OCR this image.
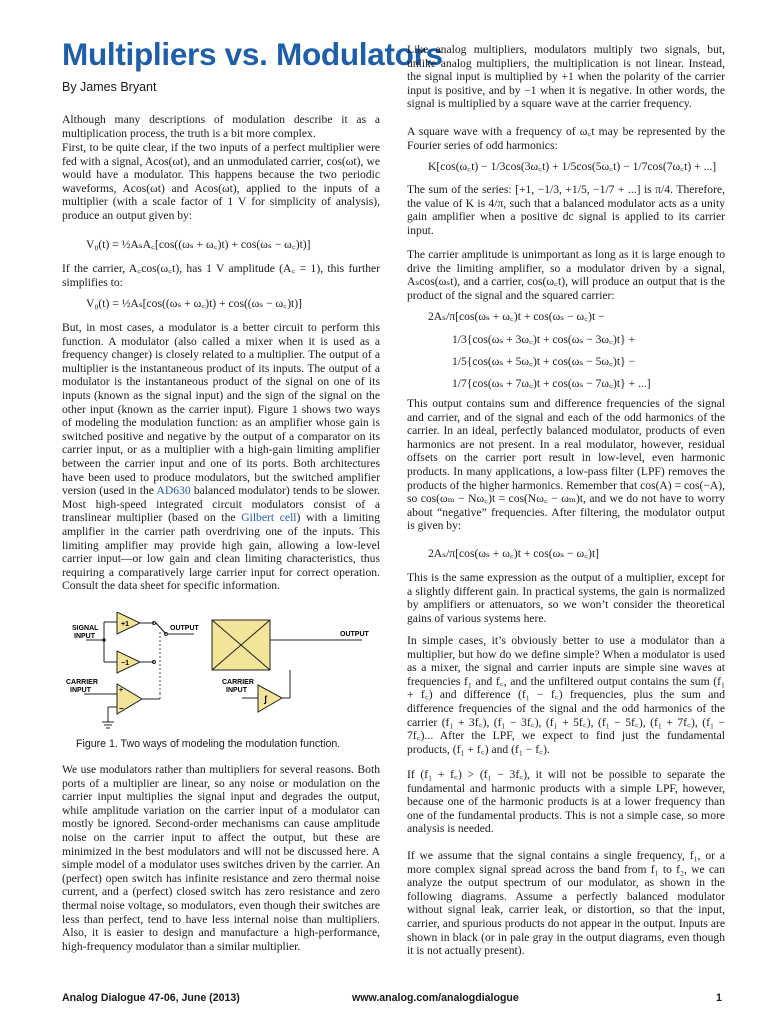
Multipliers vs. Modulators
By James Bryant

Although many descriptions of modulation describe it as a multiplication process, the truth is a bit more complex.

First, to be quite clear, if the two inputs of a perfect multiplier were fed with a signal, Acos(ωt), and an unmodulated carrier, cos(ωt), we would have a modulator. This happens because the two periodic waveforms, Acos(ωt) and Acos(ωt), applied to the inputs of a multiplier (with a scale factor of 1 V for simplicity of analysis), produce an output given by:

V₀(t) = ½AₛA꜀[cos((ωₛ + ω꜀)t) + cos(ωₛ − ω꜀)t)]

If the carrier, A꜀cos(ω꜀t), has 1 V amplitude (A꜀ = 1), this further simplifies to:

V₀(t) = ½Aₛ[cos((ωₛ + ω꜀)t) + cos((ωₛ − ω꜀)t)]

But, in most cases, a modulator is a better circuit to perform this function. A modulator (also called a mixer when it is used as a frequency changer) is closely related to a multiplier. The output of a multiplier is the instantaneous product of its inputs. The output of a modulator is the instantaneous product of the signal on one of its inputs (known as the signal input) and the sign of the signal on the other input (known as the carrier input). Figure 1 shows two ways of modeling the modulation function: as an amplifier whose gain is switched positive and negative by the output of a comparator on its carrier input, or as a multiplier with a high-gain limiting amplifier between the carrier input and one of its ports. Both architectures have been used to produce modulators, but the switched amplifier version (used in the AD630 balanced modulator) tends to be slower. Most high-speed integrated circuit modulators consist of a translinear multiplier (based on the Gilbert cell) with a limiting amplifier in the carrier path overdriving one of the inputs. This limiting amplifier may provide high gain, allowing a low-level carrier input—or low gain and clean limiting characteristics, thus requiring a comparatively large carrier input for correct operation. Consult the data sheet for specific information.

SIGNAL
INPUT
+1
−1
OUTPUT
CARRIER
INPUT	+
−
OUTPUT
CARRIER
INPUT
ʃ
Figure 1. Two ways of modeling the modulation function.

We use modulators rather than multipliers for several reasons. Both ports of a multiplier are linear, so any noise or modulation on the carrier input multiplies the signal input and degrades the output, while amplitude variation on the carrier input of a modulator can mostly be ignored. Second-order mechanisms can cause amplitude noise on the carrier input to affect the output, but these are minimized in the best modulators and will not be discussed here. A simple model of a modulator uses switches driven by the carrier. An (perfect) open switch has infinite resistance and zero thermal noise current, and a (perfect) closed switch has zero resistance and zero thermal noise voltage, so modulators, even though their switches are less than perfect, tend to have less internal noise than multipliers. Also, it is easier to design and manufacture a high-performance, high-frequency modulator than a similar multiplier.

Like analog multipliers, modulators multiply two signals, but, unlike analog multipliers, the multiplication is not linear. Instead, the signal input is multiplied by +1 when the polarity of the carrier input is positive, and by −1 when it is negative. In other words, the signal is multiplied by a square wave at the carrier frequency.

A square wave with a frequency of ω꜀t may be represented by the Fourier series of odd harmonics:

K[cos(ω꜀t) − 1/3cos(3ω꜀t) + 1/5cos(5ω꜀t) − 1/7cos(7ω꜀t) + ...]

The sum of the series: [+1, −1/3, +1/5, −1/7 + ...] is π/4. Therefore, the value of K is 4/π, such that a balanced modulator acts as a unity gain amplifier when a positive dc signal is applied to its carrier input.

The carrier amplitude is unimportant as long as it is large enough to drive the limiting amplifier, so a modulator driven by a signal, Aₛcos(ωₛt), and a carrier, cos(ω꜀t), will produce an output that is the product of the signal and the squared carrier:

2Aₛ/π[cos(ωₛ + ω꜀)t + cos(ωₛ − ω꜀)t −
1/3{cos(ωₛ + 3ω꜀)t + cos(ωₛ − 3ω꜀)t} +
1/5{cos(ωₛ + 5ω꜀)t + cos(ωₛ − 5ω꜀)t} −
1/7{cos(ωₛ + 7ω꜀)t + cos(ωₛ − 7ω꜀)t} + ...]

This output contains sum and difference frequencies of the signal and carrier, and of the signal and each of the odd harmonics of the carrier. In an ideal, perfectly balanced modulator, products of even harmonics are not present. In a real modulator, however, residual offsets on the carrier port result in low-level, even harmonic products. In many applications, a low-pass filter (LPF) removes the products of the higher harmonics. Remember that cos(A) = cos(−A), so cos(ωₘ − Nω꜀)t = cos(Nω꜀ − ωₘ)t, and we do not have to worry about “negative” frequencies. After filtering, the modulator output is given by:

2Aₛ/π[cos(ωₛ + ω꜀)t + cos(ωₛ − ω꜀)t]

This is the same expression as the output of a multiplier, except for a slightly different gain. In practical systems, the gain is normalized by amplifiers or attenuators, so we won’t consider the theoretical gains of various systems here.

In simple cases, it’s obviously better to use a modulator than a multiplier, but how do we define simple? When a modulator is used as a mixer, the signal and carrier inputs are simple sine waves at frequencies f₁ and f꜀, and the unfiltered output contains the sum (f₁ + f꜀) and difference (f₁ − f꜀) frequencies, plus the sum and difference frequencies of the signal and the odd harmonics of the carrier (f₁ + 3f꜀), (f₁ − 3f꜀), (f₁ + 5f꜀), (f₁ − 5f꜀), (f₁ + 7f꜀), (f₁ − 7f꜀)... After the LPF, we expect to find just the fundamental products, (f₁ + f꜀) and (f₁ − f꜀).

If (f₁ + f꜀) > (f₁ − 3f꜀), it will not be possible to separate the fundamental and harmonic products with a simple LPF, however, because one of the harmonic products is at a lower frequency than one of the fundamental products. This is not a simple case, so more analysis is needed.

If we assume that the signal contains a single frequency, f₁, or a more complex signal spread across the band from f₁ to f₂, we can analyze the output spectrum of our modulator, as shown in the following diagrams. Assume a perfectly balanced modulator without signal leak, carrier leak, or distortion, so that the input, carrier, and spurious products do not appear in the output. Inputs are shown in black (or in pale gray in the output diagrams, even though it is not actually present).

Analog Dialogue 47-06, June (2013)	www.analog.com/analogdialogue	1
